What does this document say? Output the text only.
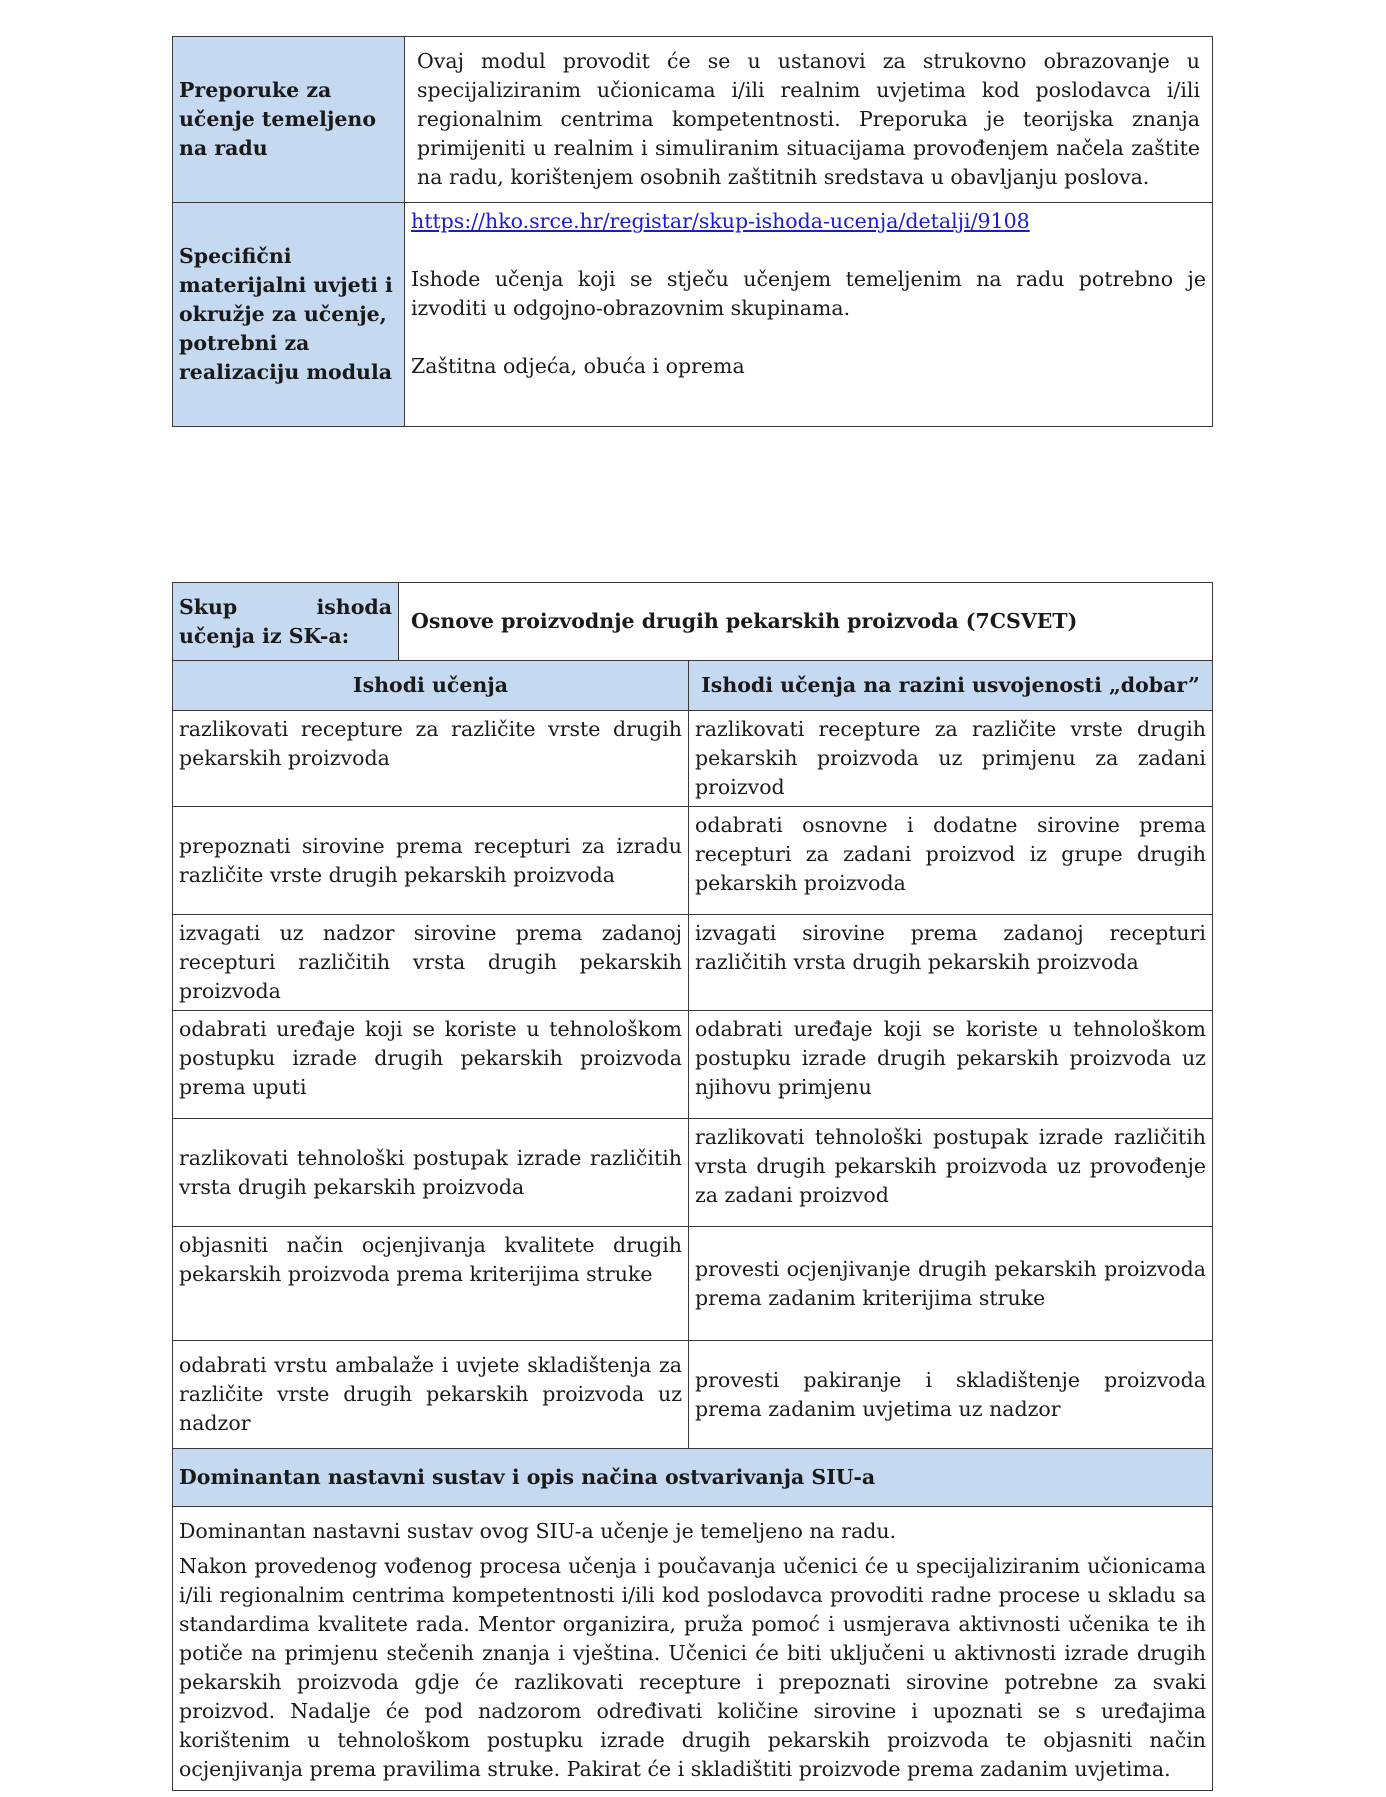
Preporuke za učenje temeljeno na radu	Ovaj modul provodit će se u ustanovi za strukovno obrazovanje u specijaliziranim učionicama i/ili realnim uvjetima kod poslodavca i/ili regionalnim centrima kompetentnosti. Preporuka je teorijska znanja primijeniti u realnim i simuliranim situacijama provođenjem načela zaštite na radu, korištenjem osobnih zaštitnih sredstava u obavljanju poslova.
Specifični materijalni uvjeti i okružje za učenje, potrebni za realizaciju modula	https://hko.srce.hr/registar/skup-ishoda-ucenja/detalji/9108

Ishode učenja koji se stječu učenjem temeljenim na radu potrebno je izvoditi u odgojno-obrazovnim skupinama.

Zaštitna odjeća, obuća i oprema

Skup ishoda učenja iz SK-a:	Osnove proizvodnje drugih pekarskih proizvoda (7CSVET)	
Ishodi učenja		Ishodi učenja na razini usvojenosti „dobar”
razlikovati recepture za različite vrste drugih pekarskih proizvoda		razlikovati recepture za različite vrste drugih pekarskih proizvoda uz primjenu za zadani proizvod
prepoznati sirovine prema recepturi za izradu različite vrste drugih pekarskih proizvoda		odabrati osnovne i dodatne sirovine prema recepturi za zadani proizvod iz grupe drugih pekarskih proizvoda
izvagati uz nadzor sirovine prema zadanoj recepturi različitih vrsta drugih pekarskih proizvoda		izvagati sirovine prema zadanoj recepturi različitih vrsta drugih pekarskih proizvoda
odabrati uređaje koji se koriste u tehnološkom postupku izrade drugih pekarskih proizvoda prema uputi		odabrati uređaje koji se koriste u tehnološkom postupku izrade drugih pekarskih proizvoda uz njihovu primjenu
razlikovati tehnološki postupak izrade različitih vrsta drugih pekarskih proizvoda		razlikovati tehnološki postupak izrade različitih vrsta drugih pekarskih proizvoda uz provođenje za zadani proizvod
objasniti način ocjenjivanja kvalitete drugih pekarskih proizvoda prema kriterijima struke		provesti ocjenjivanje drugih pekarskih proizvoda prema zadanim kriterijima struke
odabrati vrstu ambalaže i uvjete skladištenja za različite vrste drugih pekarskih proizvoda uz nadzor		provesti pakiranje i skladištenje proizvoda prema zadanim uvjetima uz nadzor
Dominantan nastavni sustav i opis načina ostvarivanja SIU-a		

Dominantan nastavni sustav ovog SIU-a učenje je temeljeno na radu.

Nakon provedenog vođenog procesa učenja i poučavanja učenici će u specijaliziranim učionicama i/ili regionalnim centrima kompetentnosti i/ili kod poslodavca provoditi radne procese u skladu sa standardima kvalitete rada. Mentor organizira, pruža pomoć i usmjerava aktivnosti učenika te ih potiče na primjenu stečenih znanja i vještina. Učenici će biti uključeni u aktivnosti izrade drugih pekarskih proizvoda gdje će razlikovati recepture i prepoznati sirovine potrebne za svaki proizvod. Nadalje će pod nadzorom određivati količine sirovine i upoznati se s uređajima korištenim u tehnološkom postupku izrade drugih pekarskih proizvoda te objasniti način ocjenjivanja prema pravilima struke. Pakirat će i skladištiti proizvode prema zadanim uvjetima.		
